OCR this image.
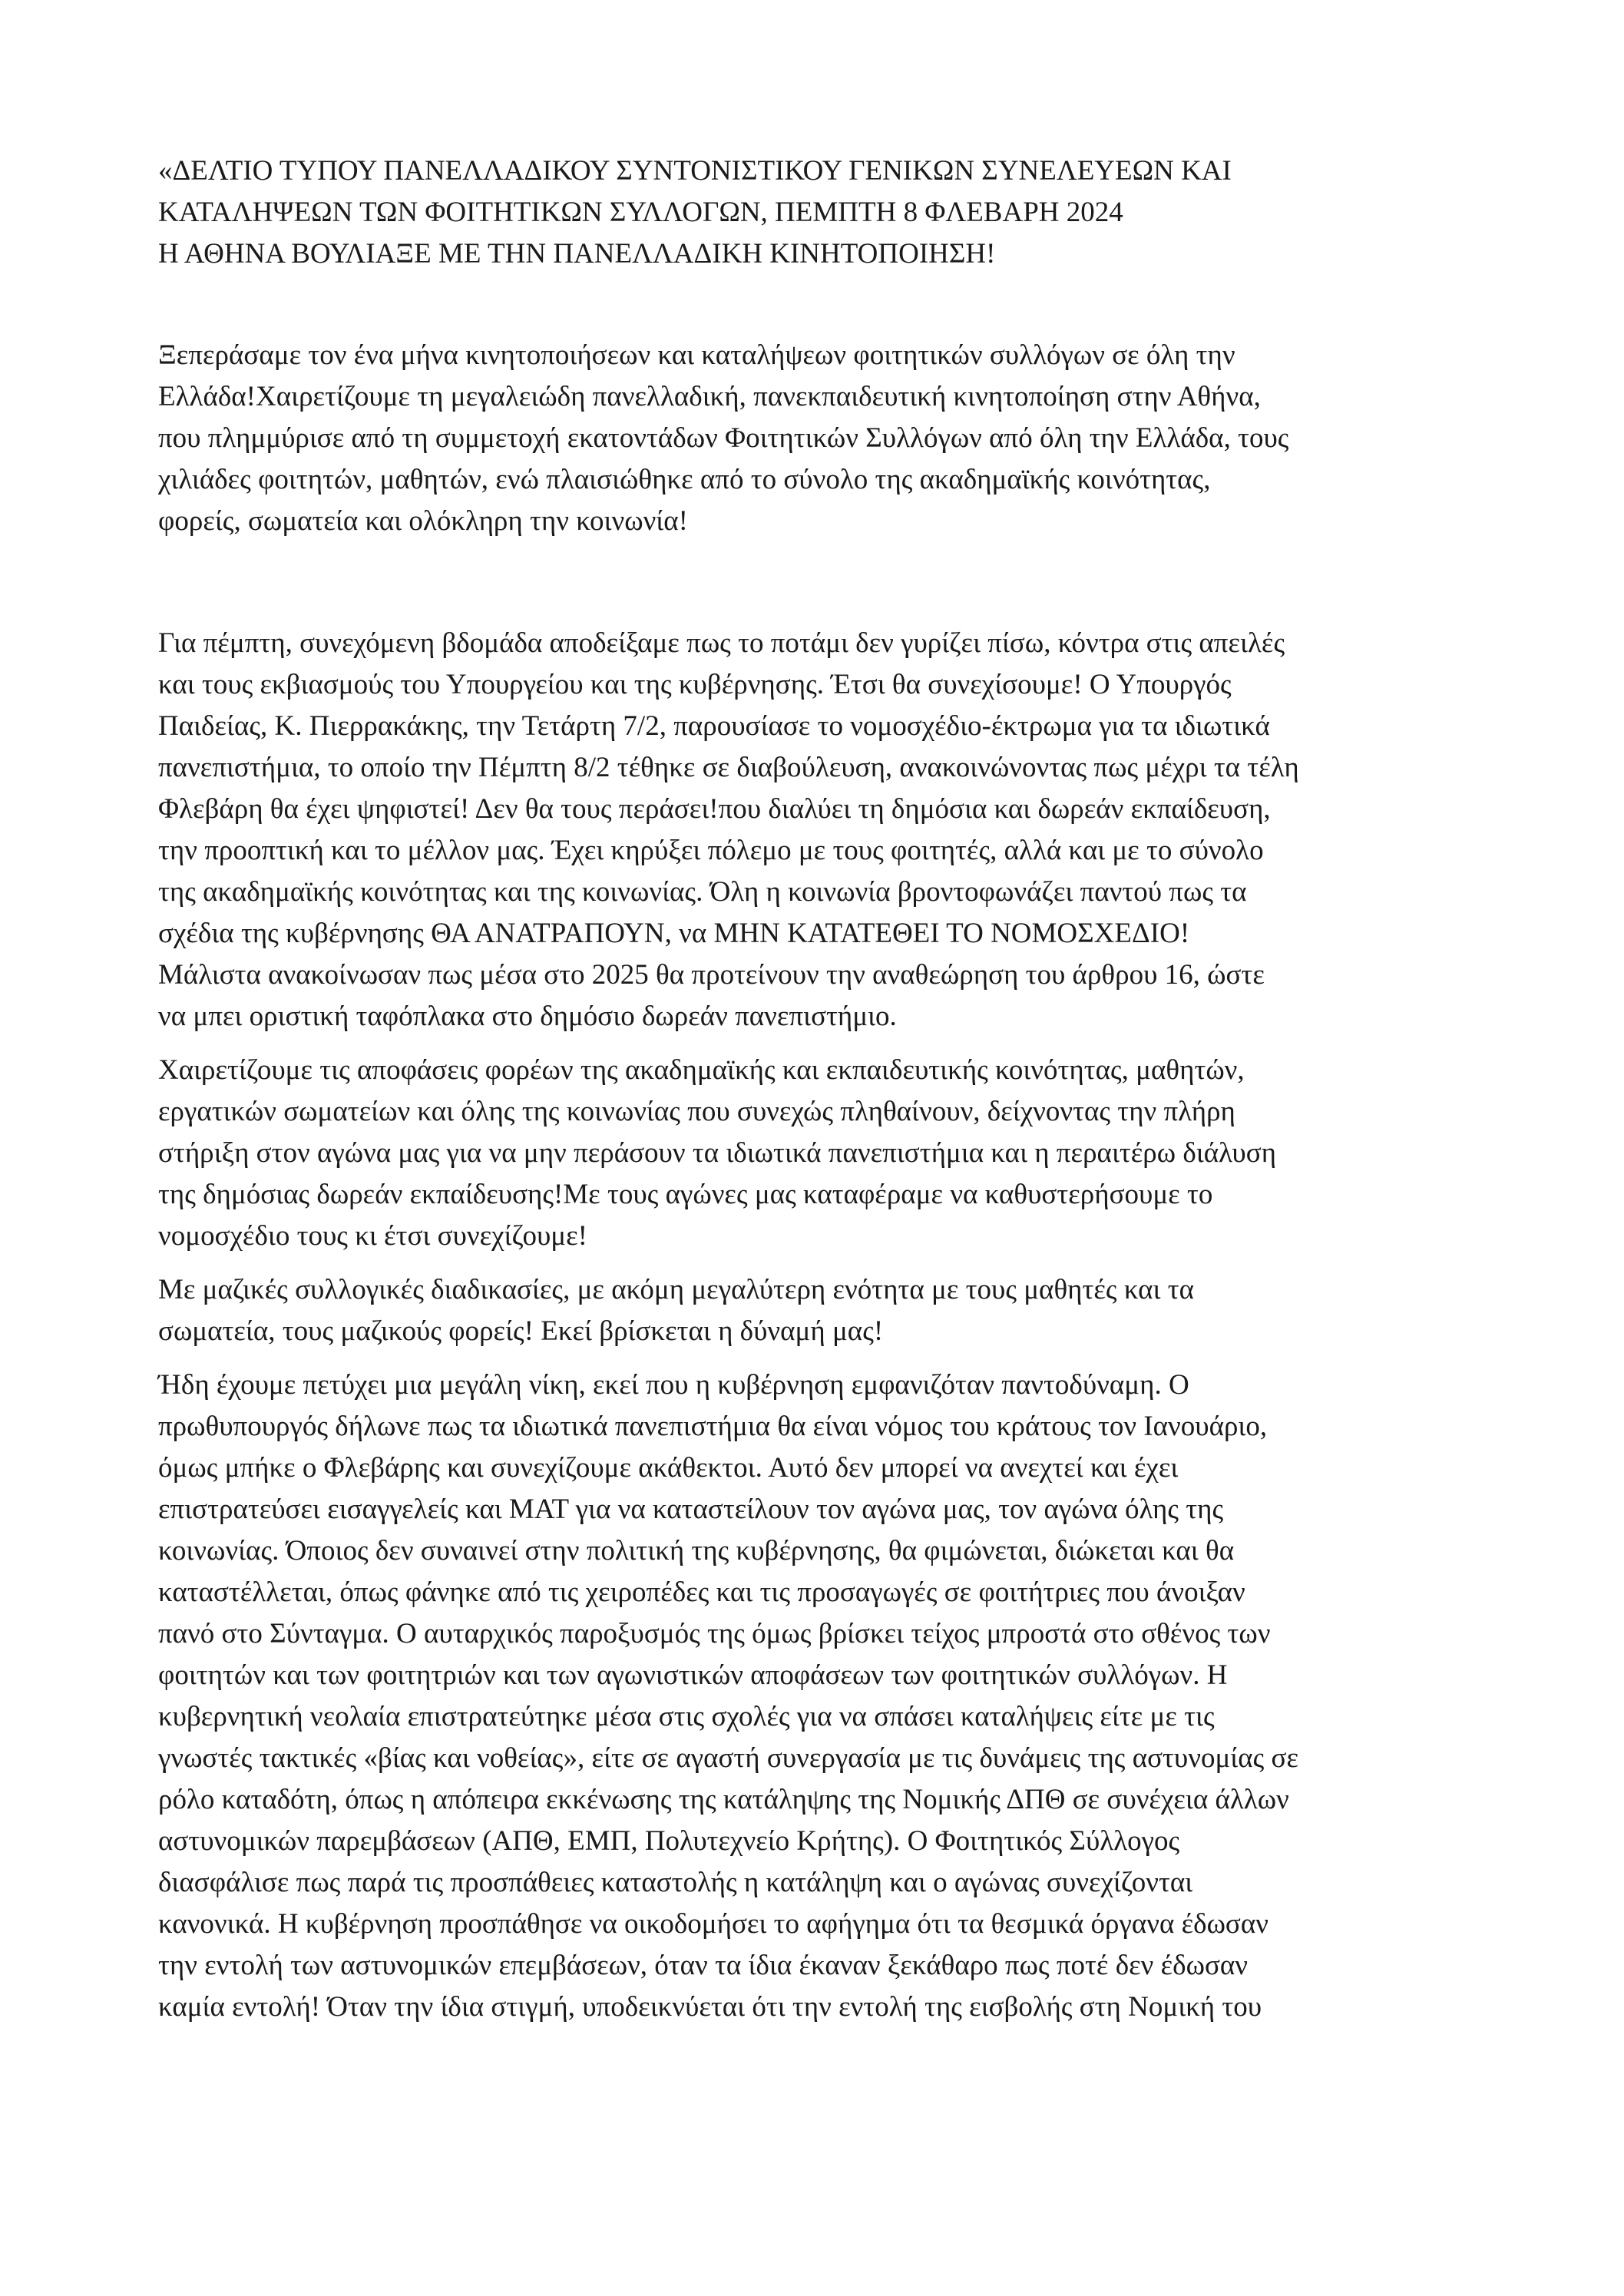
«ΔΕΛΤΙΟ ΤΥΠΟΥ ΠΑΝΕΛΛΑΔΙΚΟΥ ΣΥΝΤΟΝΙΣΤΙΚΟΥ ΓΕΝΙΚΩΝ ΣΥΝΕΛΕΥΕΩΝ ΚΑΙ
ΚΑΤΑΛΗΨΕΩΝ ΤΩΝ ΦΟΙΤΗΤΙΚΩΝ ΣΥΛΛΟΓΩΝ, ΠΕΜΠΤΗ 8 ΦΛΕΒΑΡΗ 2024
Η ΑΘΗΝΑ ΒΟΥΛΙΑΞΕ ΜΕ ΤΗΝ ΠΑΝΕΛΛΑΔΙΚΗ ΚΙΝΗΤΟΠΟΙΗΣΗ!

Ξεπεράσαμε τον ένα μήνα κινητοποιήσεων και καταλήψεων φοιτητικών συλλόγων σε όλη την
Ελλάδα!Χαιρετίζουμε τη μεγαλειώδη πανελλαδική, πανεκπαιδευτική κινητοποίηση στην Αθήνα,
που πλημμύρισε από τη συμμετοχή εκατοντάδων Φοιτητικών Συλλόγων από όλη την Ελλάδα, τους
χιλιάδες φοιτητών, μαθητών, ενώ πλαισιώθηκε από το σύνολο της ακαδημαϊκής κοινότητας,
φορείς, σωματεία και ολόκληρη την κοινωνία!

Για πέμπτη, συνεχόμενη βδομάδα αποδείξαμε πως το ποτάμι δεν γυρίζει πίσω, κόντρα στις απειλές
και τους εκβιασμούς του Υπουργείου και της κυβέρνησης. Έτσι θα συνεχίσουμε! Ο Υπουργός
Παιδείας, Κ. Πιερρακάκης, την Τετάρτη 7/2, παρουσίασε το νομοσχέδιο-έκτρωμα για τα ιδιωτικά
πανεπιστήμια, το οποίο την Πέμπτη 8/2 τέθηκε σε διαβούλευση, ανακοινώνοντας πως μέχρι τα τέλη
Φλεβάρη θα έχει ψηφιστεί! Δεν θα τους περάσει!που διαλύει τη δημόσια και δωρεάν εκπαίδευση,
την προοπτική και το μέλλον μας. Έχει κηρύξει πόλεμο με τους φοιτητές, αλλά και με το σύνολο
της ακαδημαϊκής κοινότητας και της κοινωνίας. Όλη η κοινωνία βροντοφωνάζει παντού πως τα
σχέδια της κυβέρνησης ΘΑ ΑΝΑΤΡΑΠΟΥΝ, να ΜΗΝ ΚΑΤΑΤΕΘΕΙ ΤΟ ΝΟΜΟΣΧΕΔΙΟ!
Μάλιστα ανακοίνωσαν πως μέσα στο 2025 θα προτείνουν την αναθεώρηση του άρθρου 16, ώστε
να μπει οριστική ταφόπλακα στο δημόσιο δωρεάν πανεπιστήμιο.

Χαιρετίζουμε τις αποφάσεις φορέων της ακαδημαϊκής και εκπαιδευτικής κοινότητας, μαθητών,
εργατικών σωματείων και όλης της κοινωνίας που συνεχώς πληθαίνουν, δείχνοντας την πλήρη
στήριξη στον αγώνα μας για να μην περάσουν τα ιδιωτικά πανεπιστήμια και η περαιτέρω διάλυση
της δημόσιας δωρεάν εκπαίδευσης!Με τους αγώνες μας καταφέραμε να καθυστερήσουμε το
νομοσχέδιο τους κι έτσι συνεχίζουμε!

Με μαζικές συλλογικές διαδικασίες, με ακόμη μεγαλύτερη ενότητα με τους μαθητές και τα
σωματεία, τους μαζικούς φορείς! Εκεί βρίσκεται η δύναμή μας!

Ήδη έχουμε πετύχει μια μεγάλη νίκη, εκεί που η κυβέρνηση εμφανιζόταν παντοδύναμη. Ο
πρωθυπουργός δήλωνε πως τα ιδιωτικά πανεπιστήμια θα είναι νόμος του κράτους τον Ιανουάριο,
όμως μπήκε ο Φλεβάρης και συνεχίζουμε ακάθεκτοι. Αυτό δεν μπορεί να ανεχτεί και έχει
επιστρατεύσει εισαγγελείς και ΜΑΤ για να καταστείλουν τον αγώνα μας, τον αγώνα όλης της
κοινωνίας. Όποιος δεν συναινεί στην πολιτική της κυβέρνησης, θα φιμώνεται, διώκεται και θα
καταστέλλεται, όπως φάνηκε από τις χειροπέδες και τις προσαγωγές σε φοιτήτριες που άνοιξαν
πανό στο Σύνταγμα. Ο αυταρχικός παροξυσμός της όμως βρίσκει τείχος μπροστά στο σθένος των
φοιτητών και των φοιτητριών και των αγωνιστικών αποφάσεων των φοιτητικών συλλόγων. Η
κυβερνητική νεολαία επιστρατεύτηκε μέσα στις σχολές για να σπάσει καταλήψεις είτε με τις
γνωστές τακτικές «βίας και νοθείας», είτε σε αγαστή συνεργασία με τις δυνάμεις της αστυνομίας σε
ρόλο καταδότη, όπως η απόπειρα εκκένωσης της κατάληψης της Νομικής ΔΠΘ σε συνέχεια άλλων
αστυνομικών παρεμβάσεων (ΑΠΘ, ΕΜΠ, Πολυτεχνείο Κρήτης). Ο Φοιτητικός Σύλλογος
διασφάλισε πως παρά τις προσπάθειες καταστολής η κατάληψη και ο αγώνας συνεχίζονται
κανονικά. Η κυβέρνηση προσπάθησε να οικοδομήσει το αφήγημα ότι τα θεσμικά όργανα έδωσαν
την εντολή των αστυνομικών επεμβάσεων, όταν τα ίδια έκαναν ξεκάθαρο πως ποτέ δεν έδωσαν
καμία εντολή! Όταν την ίδια στιγμή, υποδεικνύεται ότι την εντολή της εισβολής στη Νομική του
